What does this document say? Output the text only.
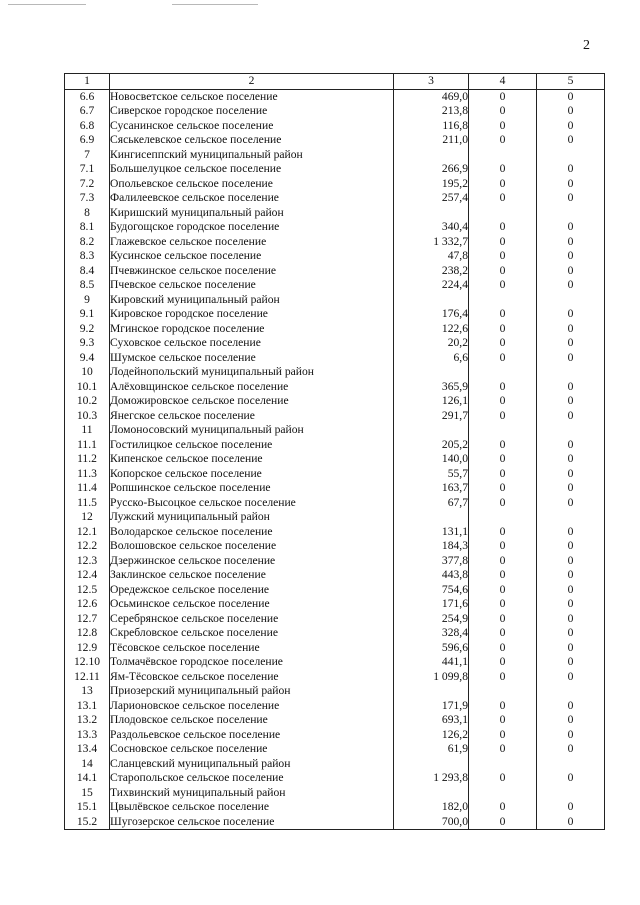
2
1	2	3	4	5
6.6	Новосветское сельское поселение	469,0	0	0
6.7	Сиверское городское поселение	213,8	0	0
6.8	Сусанинское сельское поселение	116,8	0	0
6.9	Сяськелевское сельское поселение	211,0	0	0
7	Кингисеппский муниципальный район			
7.1	Большелуцкое сельское поселение	266,9	0	0
7.2	Опольевское сельское поселение	195,2	0	0
7.3	Фалилеевское сельское поселение	257,4	0	0
8	Киришский муниципальный район			
8.1	Будогощское городское поселение	340,4	0	0
8.2	Глажевское сельское поселение	1 332,7	0	0
8.3	Кусинское сельское поселение	47,8	0	0
8.4	Пчевжинское сельское поселение	238,2	0	0
8.5	Пчевское сельское поселение	224,4	0	0
9	Кировский муниципальный район			
9.1	Кировское городское поселение	176,4	0	0
9.2	Мгинское городское поселение	122,6	0	0
9.3	Суховское сельское поселение	20,2	0	0
9.4	Шумское сельское поселение	6,6	0	0
10	Лодейнопольский муниципальный район			
10.1	Алёховщинское сельское поселение	365,9	0	0
10.2	Доможировское сельское поселение	126,1	0	0
10.3	Янегское сельское поселение	291,7	0	0
11	Ломоносовский муниципальный район			
11.1	Гостилицкое сельское поселение	205,2	0	0
11.2	Кипенское сельское поселение	140,0	0	0
11.3	Копорское сельское поселение	55,7	0	0
11.4	Ропшинское сельское поселение	163,7	0	0
11.5	Русско-Высоцкое сельское поселение	67,7	0	0
12	Лужский муниципальный район			
12.1	Володарское сельское поселение	131,1	0	0
12.2	Волошовское сельское поселение	184,3	0	0
12.3	Дзержинское сельское поселение	377,8	0	0
12.4	Заклинское сельское поселение	443,8	0	0
12.5	Оредежское сельское поселение	754,6	0	0
12.6	Осьминское сельское поселение	171,6	0	0
12.7	Серебрянское сельское поселение	254,9	0	0
12.8	Скребловское сельское поселение	328,4	0	0
12.9	Тёсовское сельское поселение	596,6	0	0
12.10	Толмачёвское городское поселение	441,1	0	0
12.11	Ям-Тёсовское сельское поселение	1 099,8	0	0
13	Приозерский муниципальный район			
13.1	Ларионовское сельское поселение	171,9	0	0
13.2	Плодовское сельское поселение	693,1	0	0
13.3	Раздольевское сельское поселение	126,2	0	0
13.4	Сосновское сельское поселение	61,9	0	0
14	Сланцевский муниципальный район			
14.1	Старопольское сельское поселение	1 293,8	0	0
15	Тихвинский муниципальный район			
15.1	Цвылёвское сельское поселение	182,0	0	0
15.2	Шугозерское сельское поселение	700,0	0	0
